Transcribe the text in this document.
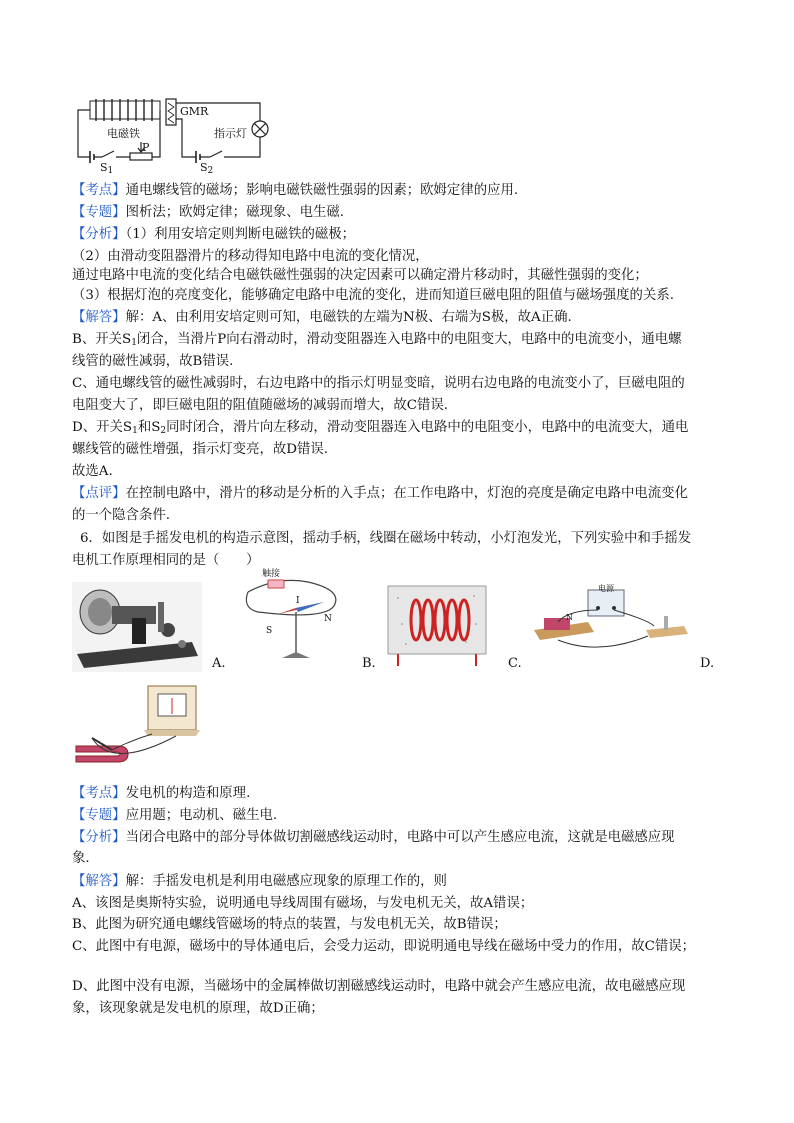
GMR
电磁铁	指示灯
P
$S_1$	$S_2$
【考点】通电螺线管的磁场；影响电磁铁磁性强弱的因素；欧姆定律的应用.
【专题】图析法；欧姆定律；磁现象、电生磁.
【分析】（1）利用安培定则判断电磁铁的磁极；
（2）由滑动变阻器滑片的移动得知电路中电流的变化情况，
通过电路中电流的变化结合电磁铁磁性强弱的决定因素可以确定滑片移动时，其磁性强弱的变化；
（3）根据灯泡的亮度变化，能够确定电路中电流的变化，进而知道巨磁电阻的阻值与磁场强度的关系.
【解答】解：A、由利用安培定则可知，电磁铁的左端为N极、右端为S极，故A正确.
B、开关$S_1$闭合，当滑片P向右滑动时，滑动变阻器连入电路中的电阻变大，电路中的电流变小，通电螺
线管的磁性减弱，故B错误.
C、通电螺线管的磁性减弱时，右边电路中的指示灯明显变暗，说明右边电路的电流变小了，巨磁电阻的
电阻变大了，即巨磁电阻的阻值随磁场的减弱而增大，故C错误.
D、开关$S_1$和$S_2$同时闭合，滑片向左移动，滑动变阻器连入电路中的电阻变小，电路中的电流变大，通电
螺线管的磁性增强，指示灯变亮，故D错误.
故选A.
【点评】在控制电路中，滑片的移动是分析的入手点；在工作电路中，灯泡的亮度是确定电路中电流变化
的一个隐含条件.
6．如图是手摇发电机的构造示意图，摇动手柄，线圈在磁场中转动，小灯泡发光，下列实验中和手摇发
电机工作原理相同的是（　　）
A.
触接
I
S
N
B.	C.
电源
N
D.
【考点】发电机的构造和原理.
【专题】应用题；电动机、磁生电.
【分析】当闭合电路中的部分导体做切割磁感线运动时，电路中可以产生感应电流，这就是电磁感应现
象.
【解答】解：手摇发电机是利用电磁感应现象的原理工作的，则
A、该图是奥斯特实验，说明通电导线周围有磁场，与发电机无关，故A错误；
B、此图为研究通电螺线管磁场的特点的装置，与发电机无关，故B错误；
C、此图中有电源，磁场中的导体通电后，会受力运动，即说明通电导线在磁场中受力的作用，故C错误；
D、此图中没有电源，当磁场中的金属棒做切割磁感线运动时，电路中就会产生感应电流，故电磁感应现
象，该现象就是发电机的原理，故D正确；
